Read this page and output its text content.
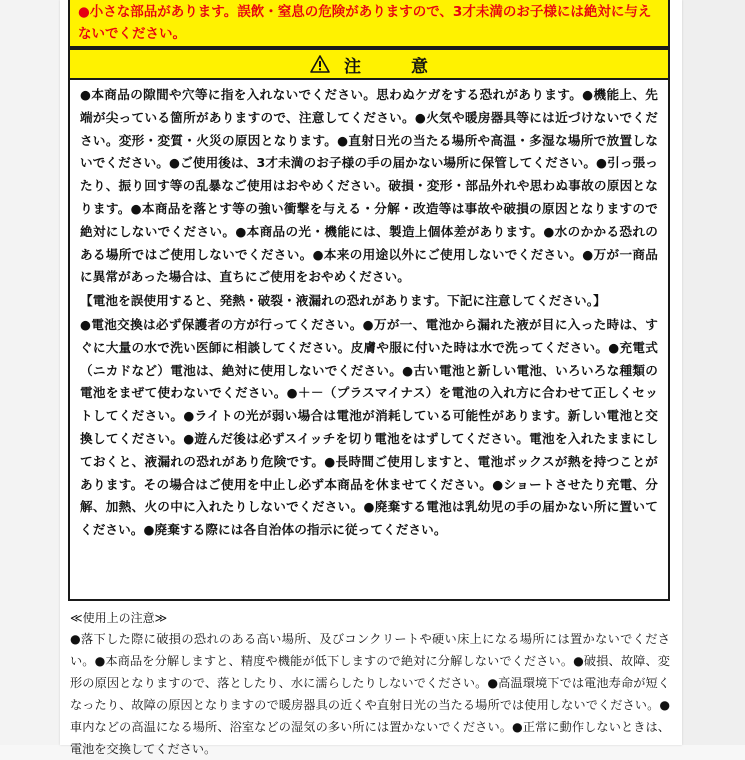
●小さな部品があります。誤飲・窒息の危険がありますので、3才未満のお子様には絶対に与えないでください。

注 意

●本商品の隙間や穴等に指を入れないでください。思わぬケガをする恐れがあります。●機能上、先端が尖っている箇所がありますので、注意してください。●火気や暖房器具等には近づけないでください。変形・変質・火災の原因となります。●直射日光の当たる場所や高温・多湿な場所で放置しないでください。●ご使用後は、3才未満のお子様の手の届かない場所に保管してください。●引っ張ったり、振り回す等の乱暴なご使用はおやめください。破損・変形・部品外れや思わぬ事故の原因となります。●本商品を落とす等の強い衝撃を与える・分解・改造等は事故や破損の原因となりますので絶対にしないでください。●本商品の光・機能には、製造上個体差があります。●水のかかる恐れのある場所ではご使用しないでください。●本来の用途以外にご使用しないでください。●万が一商品に異常があった場合は、直ちにご使用をおやめください。

【電池を誤使用すると、発熱・破裂・液漏れの恐れがあります。下記に注意してください。】

●電池交換は必ず保護者の方が行ってください。●万が一、電池から漏れた液が目に入った時は、すぐに大量の水で洗い医師に相談してください。皮膚や服に付いた時は水で洗ってください。●充電式（ニカドなど）電池は、絶対に使用しないでください。●古い電池と新しい電池、いろいろな種類の電池をまぜて使わないでください。●＋－（プラスマイナス）を電池の入れ方に合わせて正しくセットしてください。●ライトの光が弱い場合は電池が消耗している可能性があります。新しい電池と交換してください。●遊んだ後は必ずスイッチを切り電池をはずしてください。電池を入れたままにしておくと、液漏れの恐れがあり危険です。●長時間ご使用しますと、電池ボックスが熱を持つことがあります。その場合はご使用を中止し必ず本商品を休ませてください。●ショートさせたり充電、分解、加熱、火の中に入れたりしないでください。●廃棄する電池は乳幼児の手の届かない所に置いてください。●廃棄する際には各自治体の指示に従ってください。

≪使用上の注意≫

●落下した際に破損の恐れのある高い場所、及びコンクリートや硬い床上になる場所には置かないでください。●本商品を分解しますと、精度や機能が低下しますので絶対に分解しないでください。●破損、故障、変形の原因となりますので、落としたり、水に濡らしたりしないでください。●高温環境下では電池寿命が短くなったり、故障の原因となりますので暖房器具の近くや直射日光の当たる場所では使用しないでください。●車内などの高温になる場所、浴室などの湿気の多い所には置かないでください。●正常に動作しないときは、電池を交換してください。
